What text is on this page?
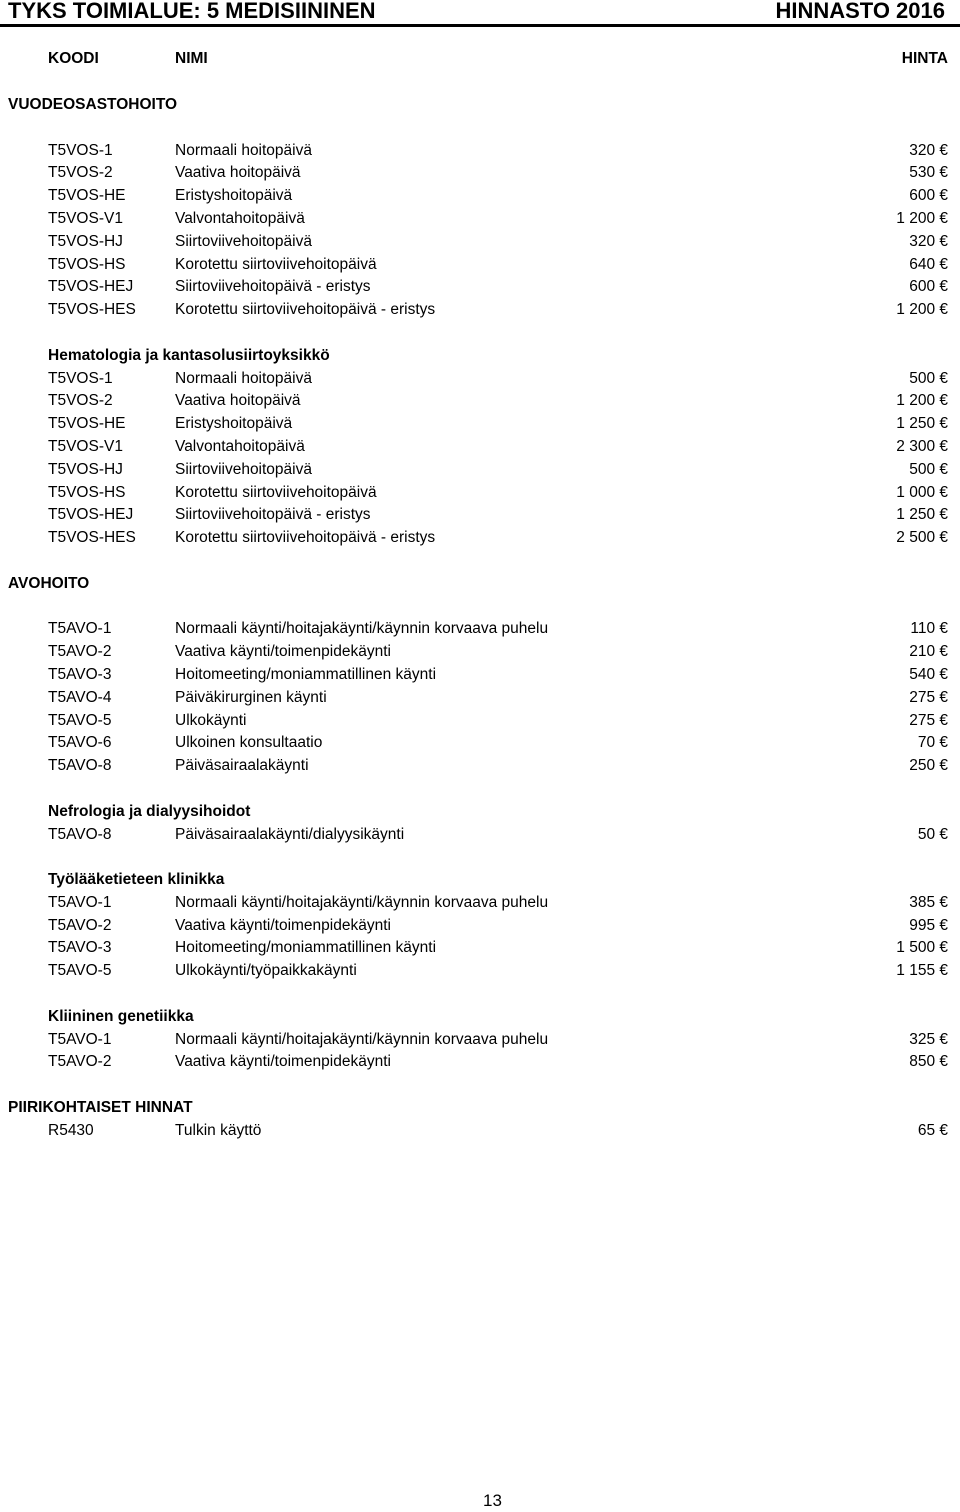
TYKS TOIMIALUE: 5 MEDISIININEN	HINNASTO 2016
KOODI	NIMI	HINTA
VUODEOSASTOHOITO
T5VOS-1	Normaali hoitopäivä	320 €
T5VOS-2	Vaativa hoitopäivä	530 €
T5VOS-HE	Eristyshoitopäivä	600 €
T5VOS-V1	Valvontahoitopäivä	1 200 €
T5VOS-HJ	Siirtoviivehoitopäivä	320 €
T5VOS-HS	Korotettu siirtoviivehoitopäivä	640 €
T5VOS-HEJ	Siirtoviivehoitopäivä - eristys	600 €
T5VOS-HES	Korotettu siirtoviivehoitopäivä - eristys	1 200 €
Hematologia ja kantasolusiirtoyksikkö
T5VOS-1	Normaali hoitopäivä	500 €
T5VOS-2	Vaativa hoitopäivä	1 200 €
T5VOS-HE	Eristyshoitopäivä	1 250 €
T5VOS-V1	Valvontahoitopäivä	2 300 €
T5VOS-HJ	Siirtoviivehoitopäivä	500 €
T5VOS-HS	Korotettu siirtoviivehoitopäivä	1 000 €
T5VOS-HEJ	Siirtoviivehoitopäivä - eristys	1 250 €
T5VOS-HES	Korotettu siirtoviivehoitopäivä - eristys	2 500 €
AVOHOITO
T5AVO-1	Normaali käynti/hoitajakäynti/käynnin korvaava puhelu	110 €
T5AVO-2	Vaativa käynti/toimenpidekäynti	210 €
T5AVO-3	Hoitomeeting/moniammatillinen käynti	540 €
T5AVO-4	Päiväkirurginen käynti	275 €
T5AVO-5	Ulkokäynti	275 €
T5AVO-6	Ulkoinen konsultaatio	70 €
T5AVO-8	Päiväsairaalakäynti	250 €
Nefrologia ja dialyysihoidot
T5AVO-8	Päiväsairaalakäynti/dialyysikäynti	50 €
Työlääketieteen klinikka
T5AVO-1	Normaali käynti/hoitajakäynti/käynnin korvaava puhelu	385 €
T5AVO-2	Vaativa käynti/toimenpidekäynti	995 €
T5AVO-3	Hoitomeeting/moniammatillinen käynti	1 500 €
T5AVO-5	Ulkokäynti/työpaikkakäynti	1 155 €
Kliininen genetiikka
T5AVO-1	Normaali käynti/hoitajakäynti/käynnin korvaava puhelu	325 €
T5AVO-2	Vaativa käynti/toimenpidekäynti	850 €
PIIRIKOHTAISET HINNAT
R5430	Tulkin käyttö	65 €
13
